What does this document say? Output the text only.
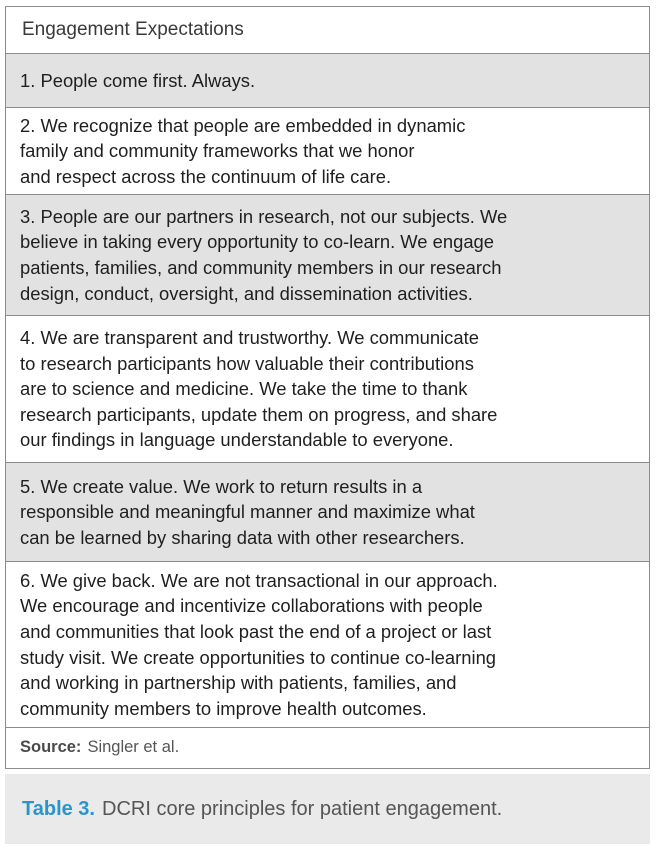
Engagement Expectations
1. People come first. Always.
2. We recognize that people are embedded in dynamic
family and community frameworks that we honor
and respect across the continuum of life care.
3. People are our partners in research, not our subjects. We
believe in taking every opportunity to co-learn. We engage
patients, families, and community members in our research
design, conduct, oversight, and dissemination activities.
4. We are transparent and trustworthy. We communicate
to research participants how valuable their contributions
are to science and medicine. We take the time to thank
research participants, update them on progress, and share
our findings in language understandable to everyone.
5. We create value. We work to return results in a
responsible and meaningful manner and maximize what
can be learned by sharing data with other researchers.
6. We give back. We are not transactional in our approach.
We encourage and incentivize collaborations with people
and communities that look past the end of a project or last
study visit. We create opportunities to continue co-learning
and working in partnership with patients, families, and
community members to improve health outcomes.
Source: Singler et al.
Table 3. DCRI core principles for patient engagement.
